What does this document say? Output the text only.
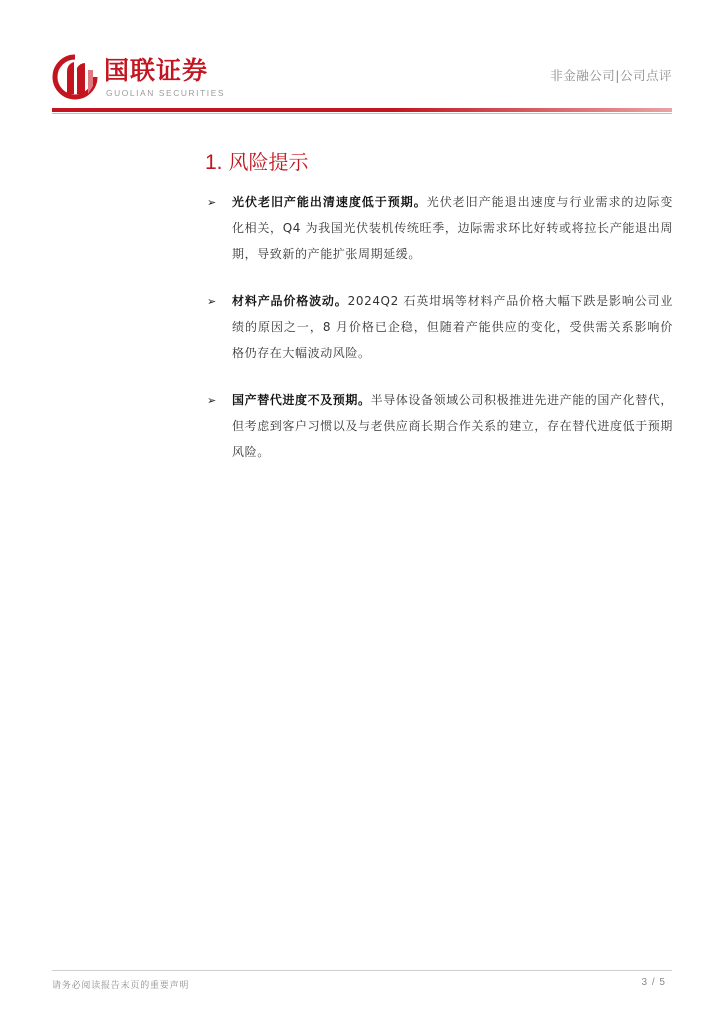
国联证券
GUOLIAN SECURITIES
非金融公司|公司点评
1. 风险提示
➢ 光伏老旧产能出清速度低于预期。光伏老旧产能退出速度与行业需求的边际变化相关，Q4 为我国光伏装机传统旺季，边际需求环比好转或将拉长产能退出周期，导致新的产能扩张周期延缓。
➢ 材料产品价格波动。2024Q2 石英坩埚等材料产品价格大幅下跌是影响公司业绩的原因之一，8 月价格已企稳，但随着产能供应的变化，受供需关系影响价格仍存在大幅波动风险。
➢ 国产替代进度不及预期。半导体设备领域公司积极推进先进产能的国产化替代，但考虑到客户习惯以及与老供应商长期合作关系的建立，存在替代进度低于预期风险。
请务必阅读报告末页的重要声明	3 / 5
